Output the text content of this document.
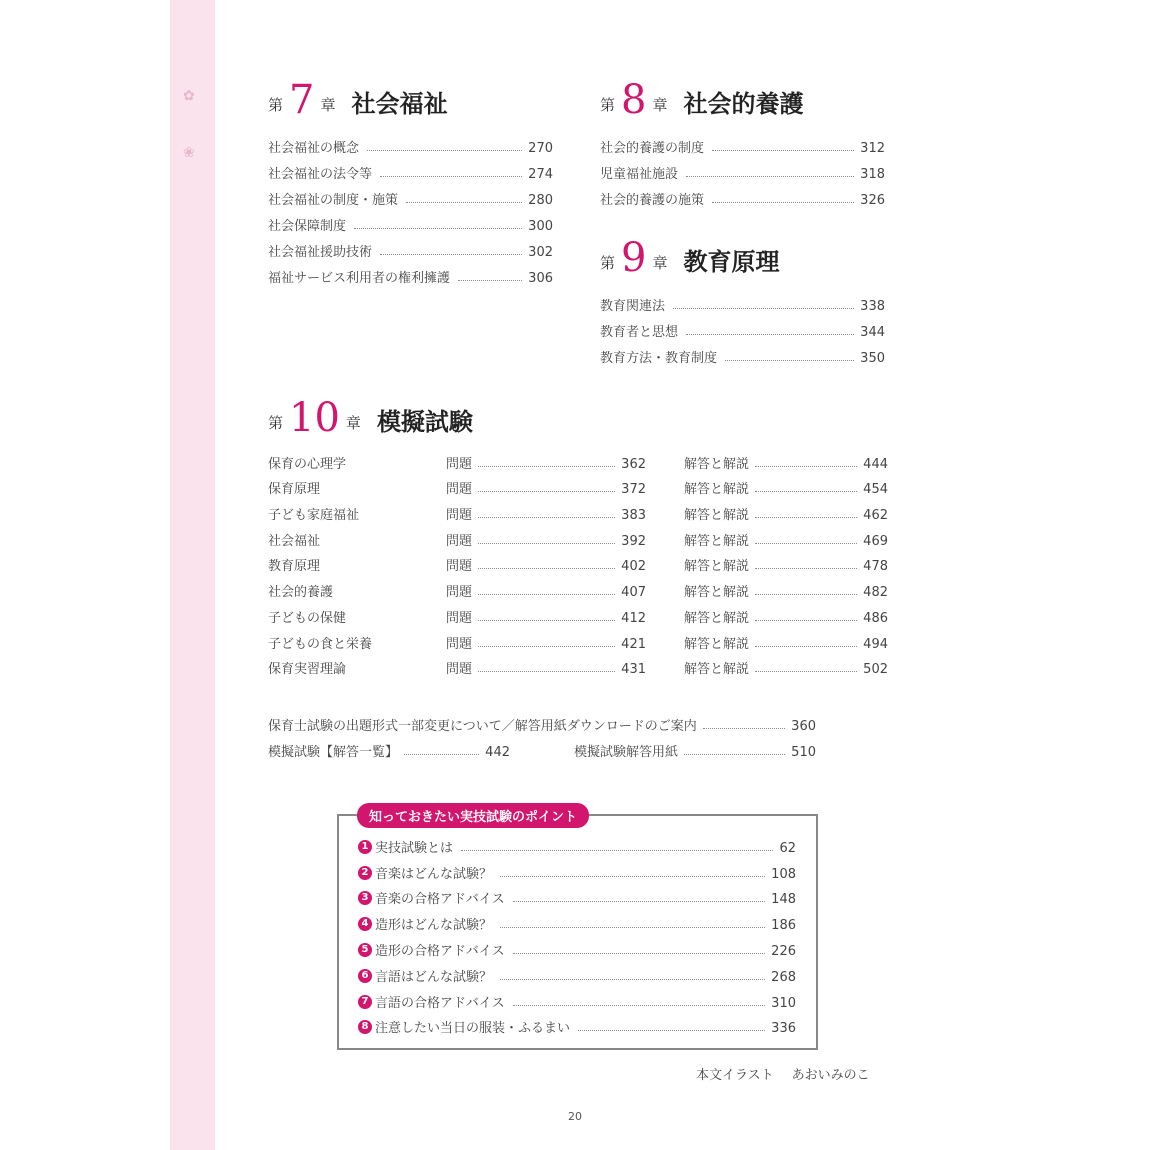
✿
❀
第 7 章 社会福祉
社会福祉の概念	270
社会福祉の法令等	274
社会福祉の制度・施策	280
社会保障制度	300
社会福祉援助技術	302
福祉サービス利用者の権利擁護	306
第 8 章 社会的養護
社会的養護の制度	312
児童福祉施設	318
社会的養護の施策	326
第 9 章 教育原理
教育関連法	338
教育者と思想	344
教育方法・教育制度	350
第 10 章 模擬試験
保育の心理学	問題	362	解答と解説	444
保育原理	問題	372	解答と解説	454
子ども家庭福祉	問題	383	解答と解説	462
社会福祉	問題	392	解答と解説	469
教育原理	問題	402	解答と解説	478
社会的養護	問題	407	解答と解説	482
子どもの保健	問題	412	解答と解説	486
子どもの食と栄養	問題	421	解答と解説	494
保育実習理論	問題	431	解答と解説	502
保育士試験の出題形式一部変更について／解答用紙ダウンロードのご案内	360
模擬試験【解答一覧】	442	模擬試験解答用紙	510
知っておきたい実技試験のポイント
1 実技試験とは	62
2 音楽はどんな試験？	108
3 音楽の合格アドバイス	148
4 造形はどんな試験？	186
5 造形の合格アドバイス	226
6 言語はどんな試験？	268
7 言語の合格アドバイス	310
8 注意したい当日の服装・ふるまい	336
本文イラスト あおいみのこ
20
